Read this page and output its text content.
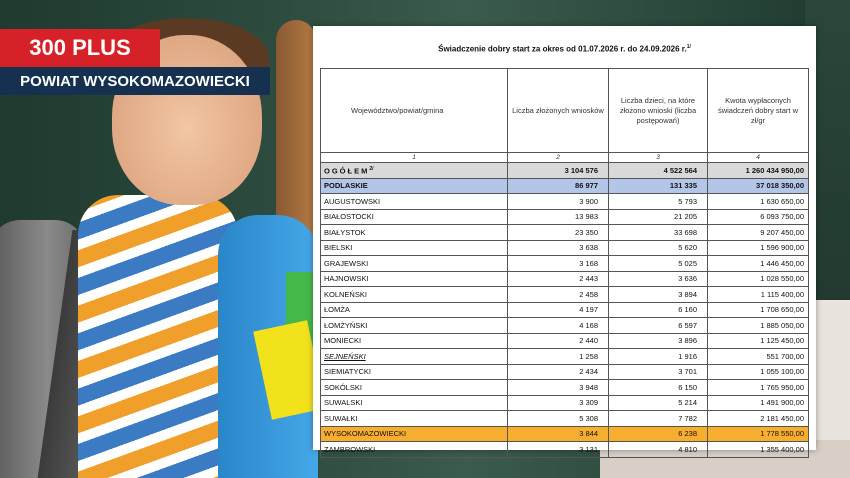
300 PLUS
POWIAT WYSOKOMAZOWIECKI
Świadczenie dobry start za okres od 01.07.2026 r. do 24.09.2026 r.$^{1/}$
Województwo/powiat/gmina	Liczba złożonych wniosków	Liczba dzieci, na które złożono wnioski (liczba postępowań)	Kwota wypłaconych świadczeń dobry start w zł/gr
1	2	3	4
$OGÓŁEM^{2/}$	3 104 576	4 522 564	1 260 434 950,00
PODLASKIE	86 977	131 335	37 018 350,00
AUGUSTOWSKI	3 900	5 793	1 630 650,00
BIAŁOSTOCKI	13 983	21 205	6 093 750,00
BIAŁYSTOK	23 350	33 698	9 207 450,00
BIELSKI	3 638	5 620	1 596 900,00
GRAJEWSKI	3 168	5 025	1 446 450,00
HAJNOWSKI	2 443	3 636	1 028 550,00
KOLNEŃSKI	2 458	3 894	1 115 400,00
ŁOMŻA	4 197	6 160	1 708 650,00
ŁOMŻYŃSKI	4 168	6 597	1 885 050,00
MONIECKI	2 440	3 896	1 125 450,00
SEJNEŃSKI	1 258	1 916	551 700,00
SIEMIATYCKI	2 434	3 701	1 055 100,00
SOKÓLSKI	3 948	6 150	1 765 950,00
SUWALSKI	3 309	5 214	1 491 900,00
SUWAŁKI	5 308	7 782	2 181 450,00
WYSOKOMAZOWIECKI	3 844	6 238	1 778 550,00
ZAMBROWSKI	3 131	4 810	1 355 400,00
